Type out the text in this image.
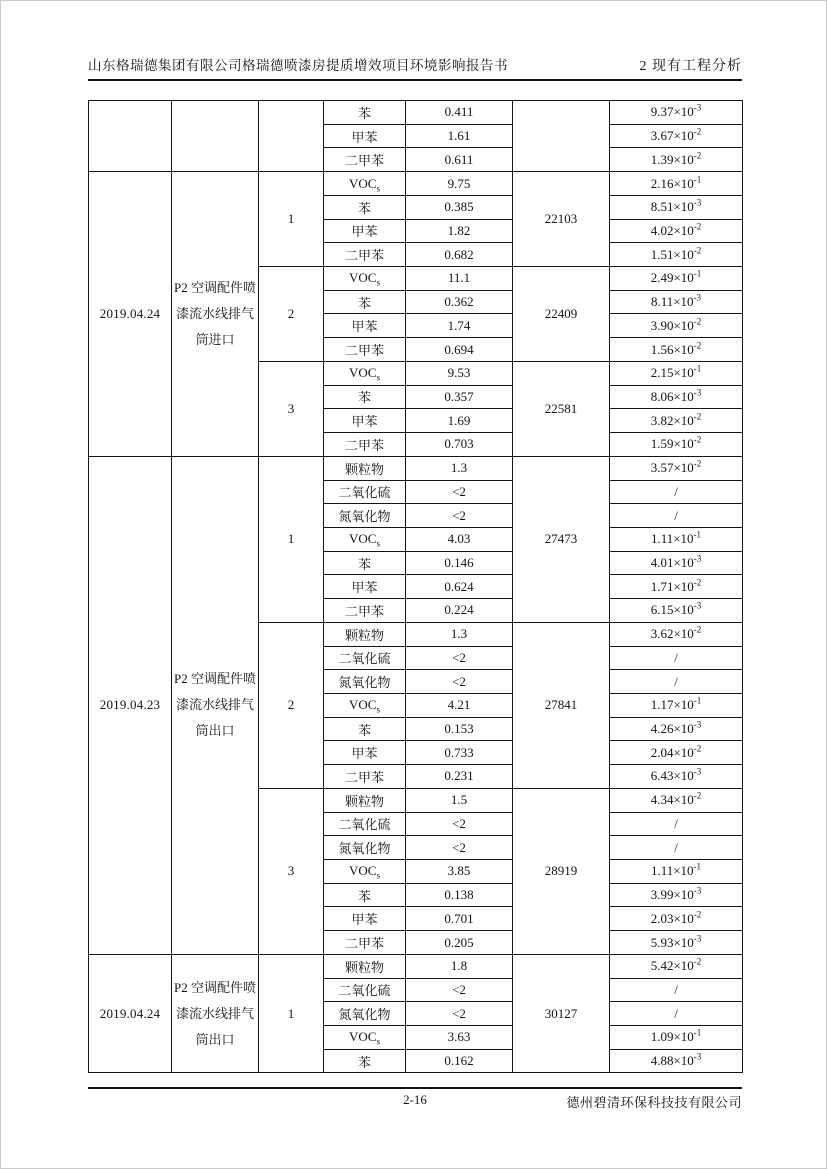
山东格瑞德集团有限公司格瑞德喷漆房提质增效项目环境影响报告书	2 现有工程分析
			苯	0.411		$9.37\times 10^{-3}$
			甲苯	1.61		$3.67\times 10^{-2}$
			二甲苯	0.611		$1.39\times 10^{-2}$
2019.04.24	P2 空调配件喷漆流水线排气筒进口	1	$VOC_s$	9.75	22103	$2.16\times 10^{-1}$
			苯	0.385		$8.51\times 10^{-3}$
			甲苯	1.82		$4.02\times 10^{-2}$
			二甲苯	0.682		$1.51\times 10^{-2}$
		2	$VOC_s$	11.1	22409	$2.49\times 10^{-1}$
			苯	0.362		$8.11\times 10^{-3}$
			甲苯	1.74		$3.90\times 10^{-2}$
			二甲苯	0.694		$1.56\times 10^{-2}$
		3	$VOC_s$	9.53	22581	$2.15\times 10^{-1}$
			苯	0.357		$8.06\times 10^{-3}$
			甲苯	1.69		$3.82\times 10^{-2}$
			二甲苯	0.703		$1.59\times 10^{-2}$
2019.04.23	P2 空调配件喷漆流水线排气筒出口	1	颗粒物	1.3	27473	$3.57\times 10^{-2}$
			二氧化硫	<2		/
			氮氧化物	<2		/
			$VOC_s$	4.03		$1.11\times 10^{-1}$
			苯	0.146		$4.01\times 10^{-3}$
			甲苯	0.624		$1.71\times 10^{-2}$
			二甲苯	0.224		$6.15\times 10^{-3}$
		2	颗粒物	1.3	27841	$3.62\times 10^{-2}$
			二氧化硫	<2		/
			氮氧化物	<2		/
			$VOC_s$	4.21		$1.17\times 10^{-1}$
			苯	0.153		$4.26\times 10^{-3}$
			甲苯	0.733		$2.04\times 10^{-2}$
			二甲苯	0.231		$6.43\times 10^{-3}$
		3	颗粒物	1.5	28919	$4.34\times 10^{-2}$
			二氧化硫	<2		/
			氮氧化物	<2		/
			$VOC_s$	3.85		$1.11\times 10^{-1}$
			苯	0.138		$3.99\times 10^{-3}$
			甲苯	0.701		$2.03\times 10^{-2}$
			二甲苯	0.205		$5.93\times 10^{-3}$
2019.04.24	P2 空调配件喷漆流水线排气筒出口	1	颗粒物	1.8	30127	$5.42\times 10^{-2}$
			二氧化硫	<2		/
			氮氧化物	<2		/
			$VOC_s$	3.63		$1.09\times 10^{-1}$
			苯	0.162		$4.88\times 10^{-3}$
2-16	德州碧清环保科技技有限公司
